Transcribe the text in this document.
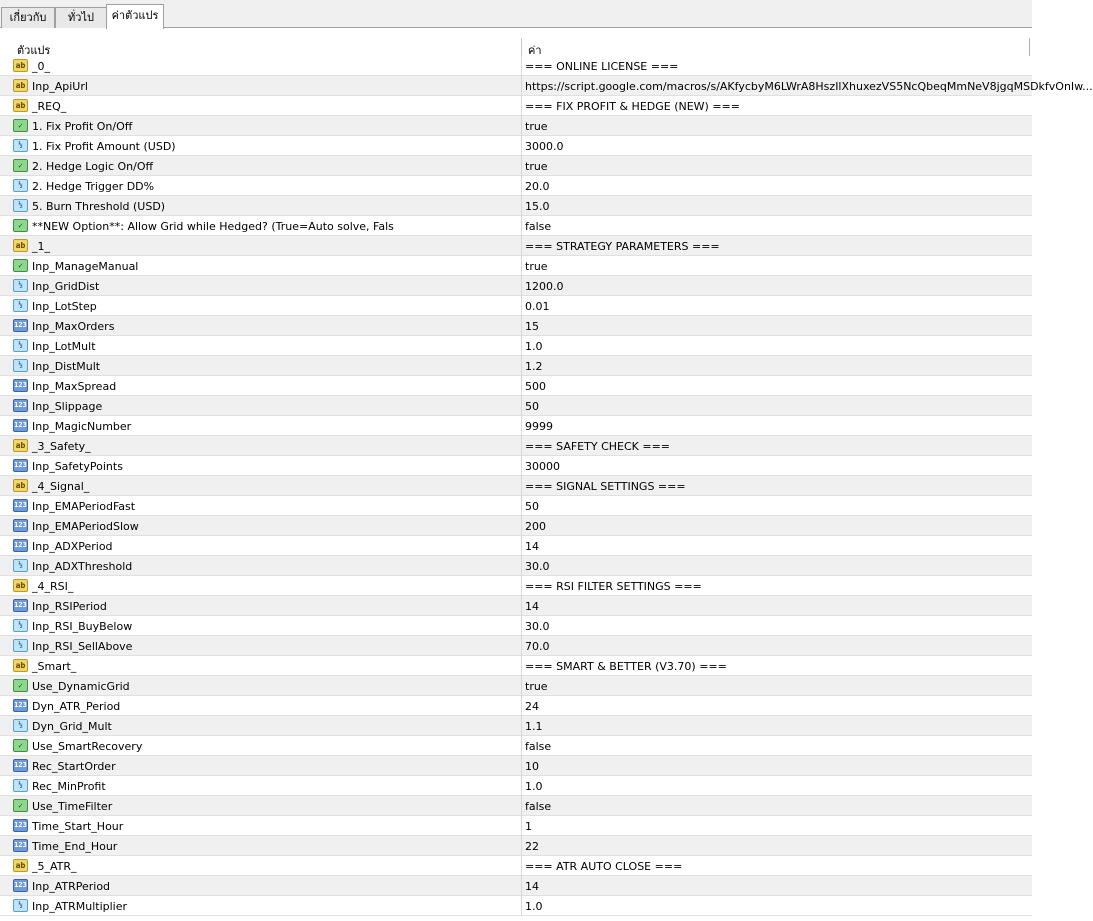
เกี่ยวกับ	ทั่วไป	ค่าตัวแปร
ตัวแปร	ค่า
ab _0_	=== ONLINE LICENSE ===
ab Inp_ApiUrl	https://script.google.com/macros/s/AKfycbyM6LWrA8HszIlXhuxezVS5NcQbeqMmNeV8jgqMSDkfvOnIw...
ab _REQ_	=== FIX PROFIT & HEDGE (NEW) ===
✓ 1. Fix Profit On/Off	true
½ 1. Fix Profit Amount (USD)	3000.0
✓ 2. Hedge Logic On/Off	true
½ 2. Hedge Trigger DD%	20.0
½ 5. Burn Threshold (USD)	15.0
✓ **NEW Option**: Allow Grid while Hedged? (True=Auto solve, Fals	false
ab _1_	=== STRATEGY PARAMETERS ===
✓ Inp_ManageManual	true
½ Inp_GridDist	1200.0
½ Inp_LotStep	0.01
123 Inp_MaxOrders	15
½ Inp_LotMult	1.0
½ Inp_DistMult	1.2
123 Inp_MaxSpread	500
123 Inp_Slippage	50
123 Inp_MagicNumber	9999
ab _3_Safety_	=== SAFETY CHECK ===
123 Inp_SafetyPoints	30000
ab _4_Signal_	=== SIGNAL SETTINGS ===
123 Inp_EMAPeriodFast	50
123 Inp_EMAPeriodSlow	200
123 Inp_ADXPeriod	14
½ Inp_ADXThreshold	30.0
ab _4_RSI_	=== RSI FILTER SETTINGS ===
123 Inp_RSIPeriod	14
½ Inp_RSI_BuyBelow	30.0
½ Inp_RSI_SellAbove	70.0
ab _Smart_	=== SMART & BETTER (V3.70) ===
✓ Use_DynamicGrid	true
123 Dyn_ATR_Period	24
½ Dyn_Grid_Mult	1.1
✓ Use_SmartRecovery	false
123 Rec_StartOrder	10
½ Rec_MinProfit	1.0
✓ Use_TimeFilter	false
123 Time_Start_Hour	1
123 Time_End_Hour	22
ab _5_ATR_	=== ATR AUTO CLOSE ===
123 Inp_ATRPeriod	14
½ Inp_ATRMultiplier	1.0
